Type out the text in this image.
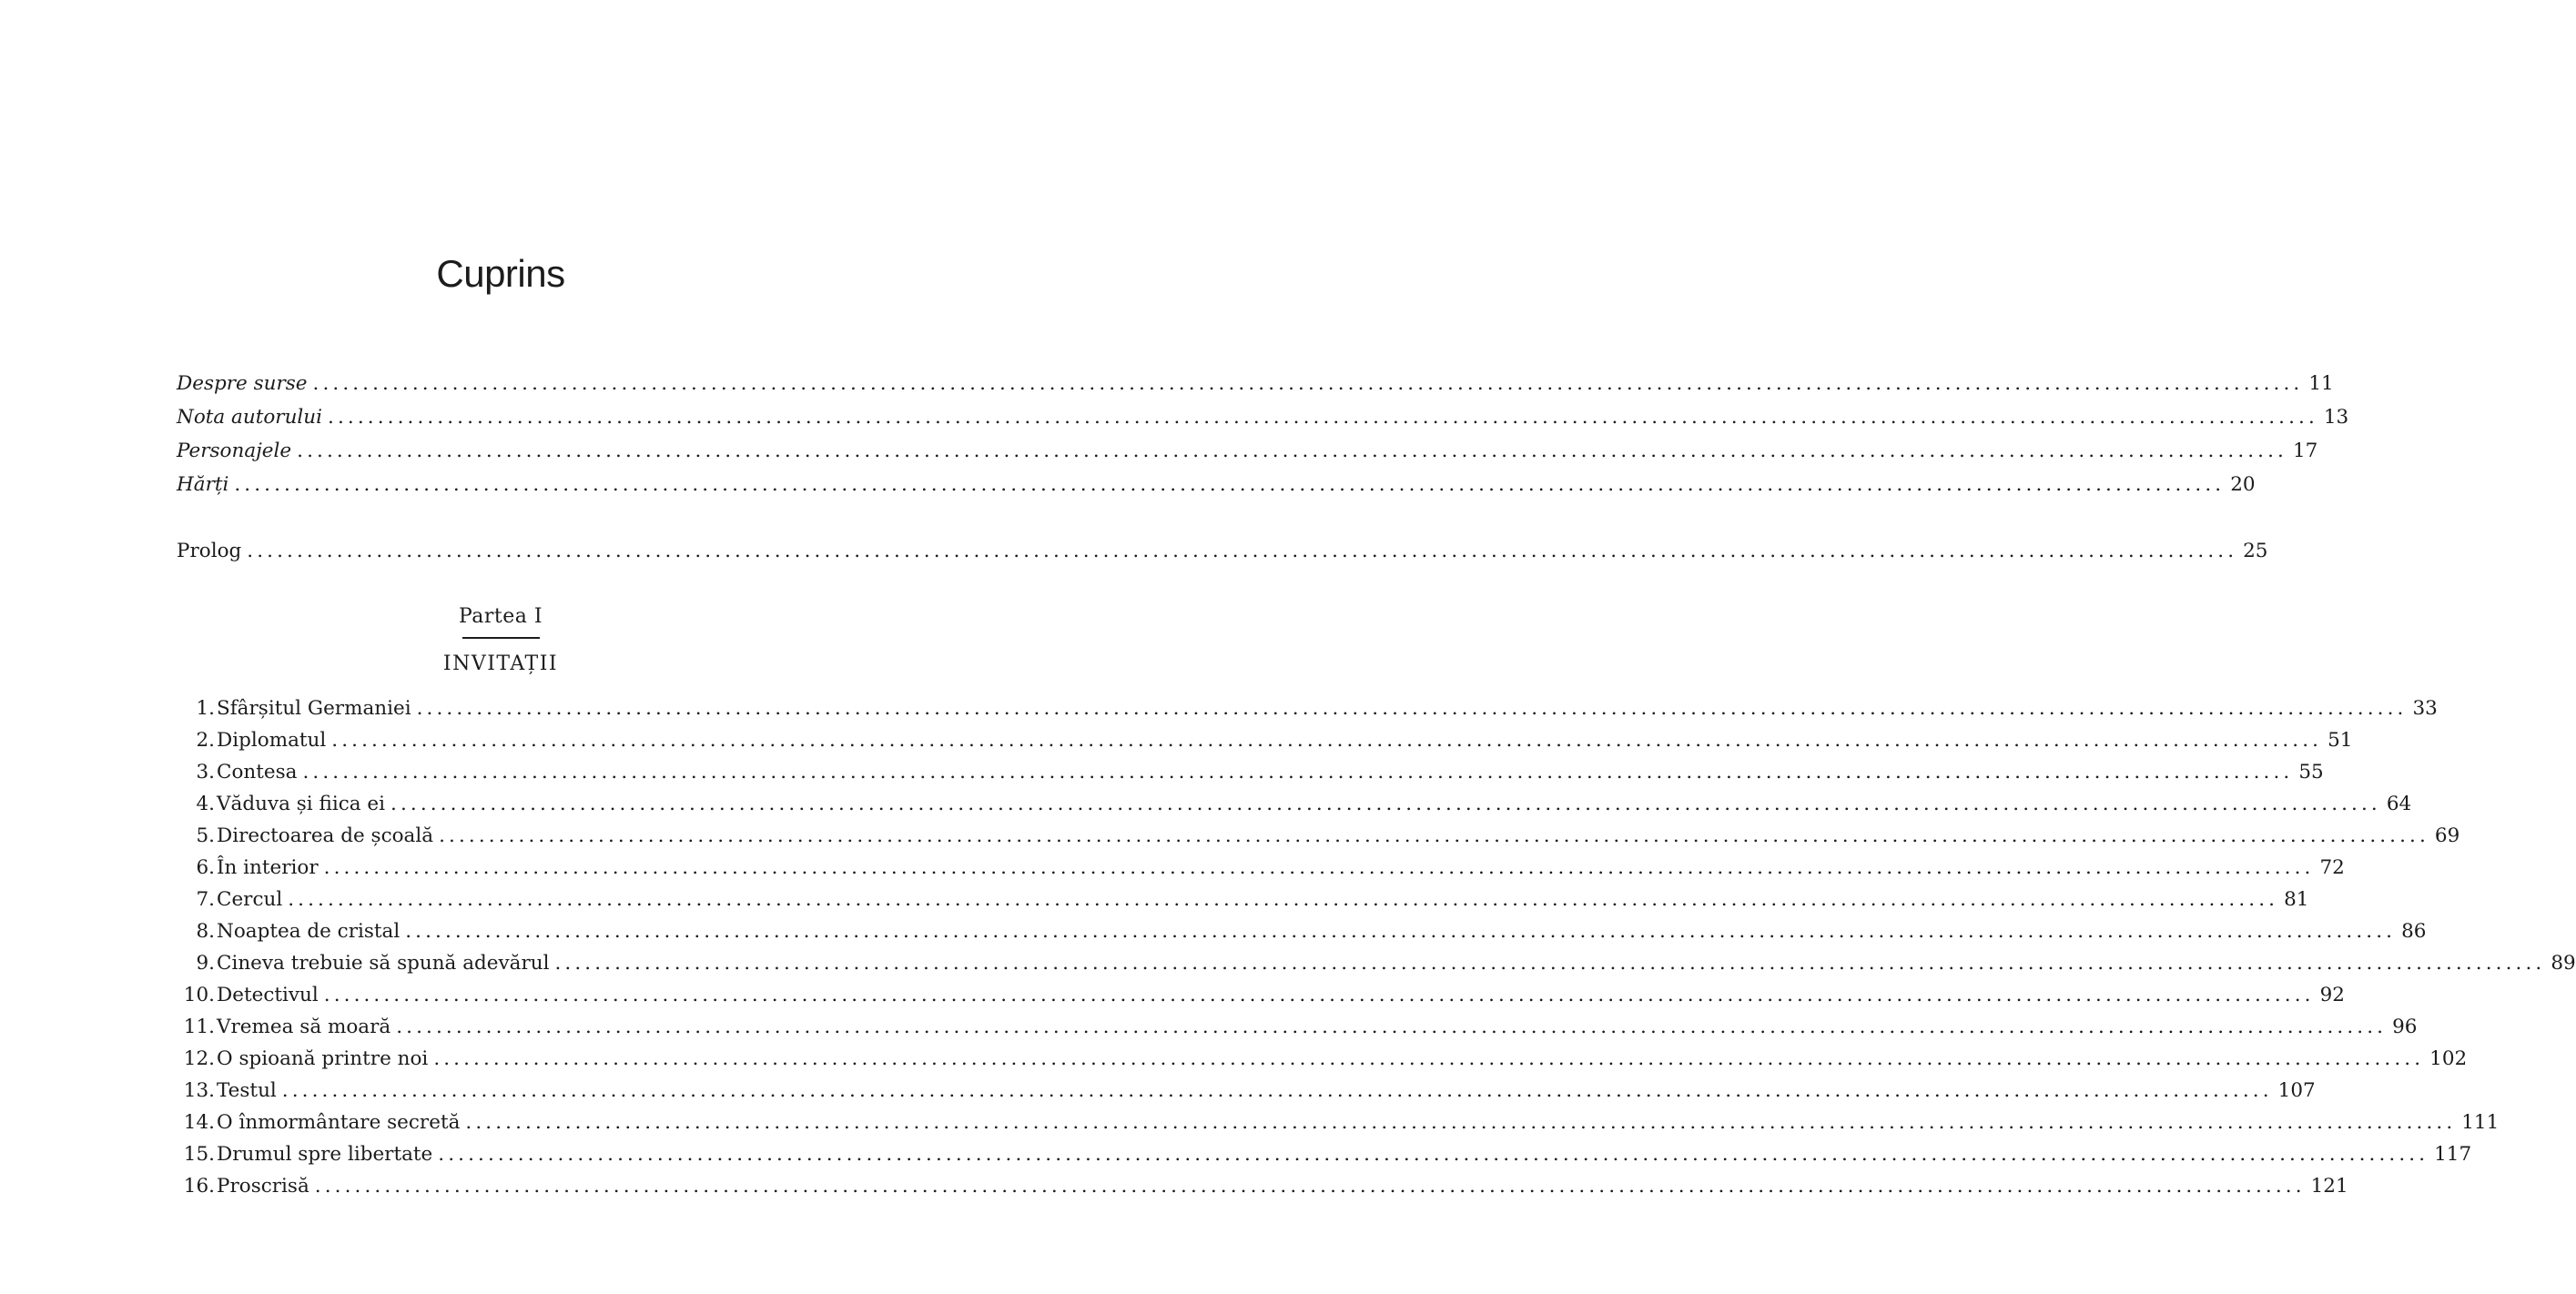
Cuprins
Despre surse ........................................................................................................................................................................................................ 11
Nota autorului ........................................................................................................................................................................................................ 13
Personajele ........................................................................................................................................................................................................ 17
Hărți ........................................................................................................................................................................................................ 20
Prolog ........................................................................................................................................................................................................ 25
Partea I
INVITAȚII
1. Sfârșitul Germaniei ........................................................................................................................................................................................................ 33
2. Diplomatul ........................................................................................................................................................................................................ 51
3. Contesa ........................................................................................................................................................................................................ 55
4. Văduva și fiica ei ........................................................................................................................................................................................................ 64
5. Directoarea de școală ........................................................................................................................................................................................................ 69
6. În interior ........................................................................................................................................................................................................ 72
7. Cercul ........................................................................................................................................................................................................ 81
8. Noaptea de cristal ........................................................................................................................................................................................................ 86
9. Cineva trebuie să spună adevărul ........................................................................................................................................................................................................ 89
10. Detectivul ........................................................................................................................................................................................................ 92
11. Vremea să moară ........................................................................................................................................................................................................ 96
12. O spioană printre noi ........................................................................................................................................................................................................ 102
13. Testul ........................................................................................................................................................................................................ 107
14. O înmormântare secretă ........................................................................................................................................................................................................ 111
15. Drumul spre libertate ........................................................................................................................................................................................................ 117
16. Proscrisă ........................................................................................................................................................................................................ 121
